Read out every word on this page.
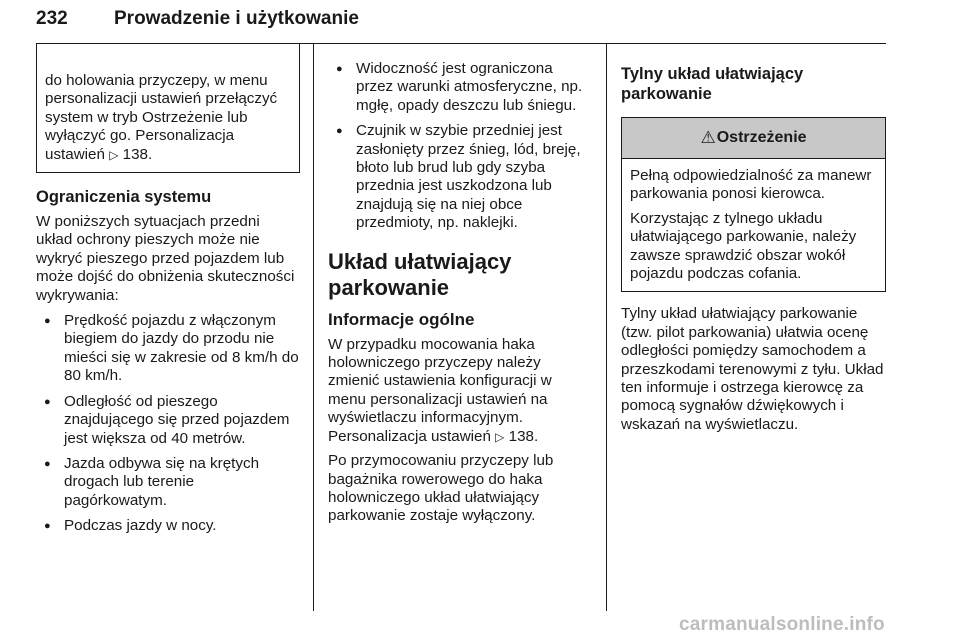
232 Prowadzenie i użytkowanie

do holowania przyczepy, w menu personalizacji ustawień przełączyć system w tryb Ostrzeżenie lub wyłączyć go. Personalizacja ustawień ▷ 138.

Ograniczenia systemu

W poniższych sytuacjach przedni układ ochrony pieszych może nie wykryć pieszego przed pojazdem lub może dojść do obniżenia skuteczności wykrywania:

● Prędkość pojazdu z włączonym biegiem do jazdy do przodu nie mieści się w zakresie od 8 km/h do 80 km/h.
● Odległość od pieszego znajdującego się przed pojazdem jest większa od 40 metrów.
● Jazda odbywa się na krętych drogach lub terenie pagórkowatym.
● Podczas jazdy w nocy.
● Widoczność jest ograniczona przez warunki atmosferyczne, np. mgłę, opady deszczu lub śniegu.
● Czujnik w szybie przedniej jest zasłonięty przez śnieg, lód, breję, błoto lub brud lub gdy szyba przednia jest uszkodzona lub znajdują się na niej obce przedmioty, np. naklejki.

Układ ułatwiający parkowanie

Informacje ogólne

W przypadku mocowania haka holowniczego przyczepy należy zmienić ustawienia konfiguracji w menu personalizacji ustawień na wyświetlaczu informacyjnym. Personalizacja ustawień ▷ 138.

Po przymocowaniu przyczepy lub bagażnika rowerowego do haka holowniczego układ ułatwiający parkowanie zostaje wyłączony.

Tylny układ ułatwiający parkowanie

⚠ Ostrzeżenie

Pełną odpowiedzialność za manewr parkowania ponosi kierowca.

Korzystając z tylnego układu ułatwiającego parkowanie, należy zawsze sprawdzić obszar wokół pojazdu podczas cofania.

Tylny układ ułatwiający parkowanie (tzw. pilot parkowania) ułatwia ocenę odległości pomiędzy samochodem a przeszkodami terenowymi z tyłu. Układ ten informuje i ostrzega kierowcę za pomocą sygnałów dźwiękowych i wskazań na wyświetlaczu.

carmanualsonline.info
